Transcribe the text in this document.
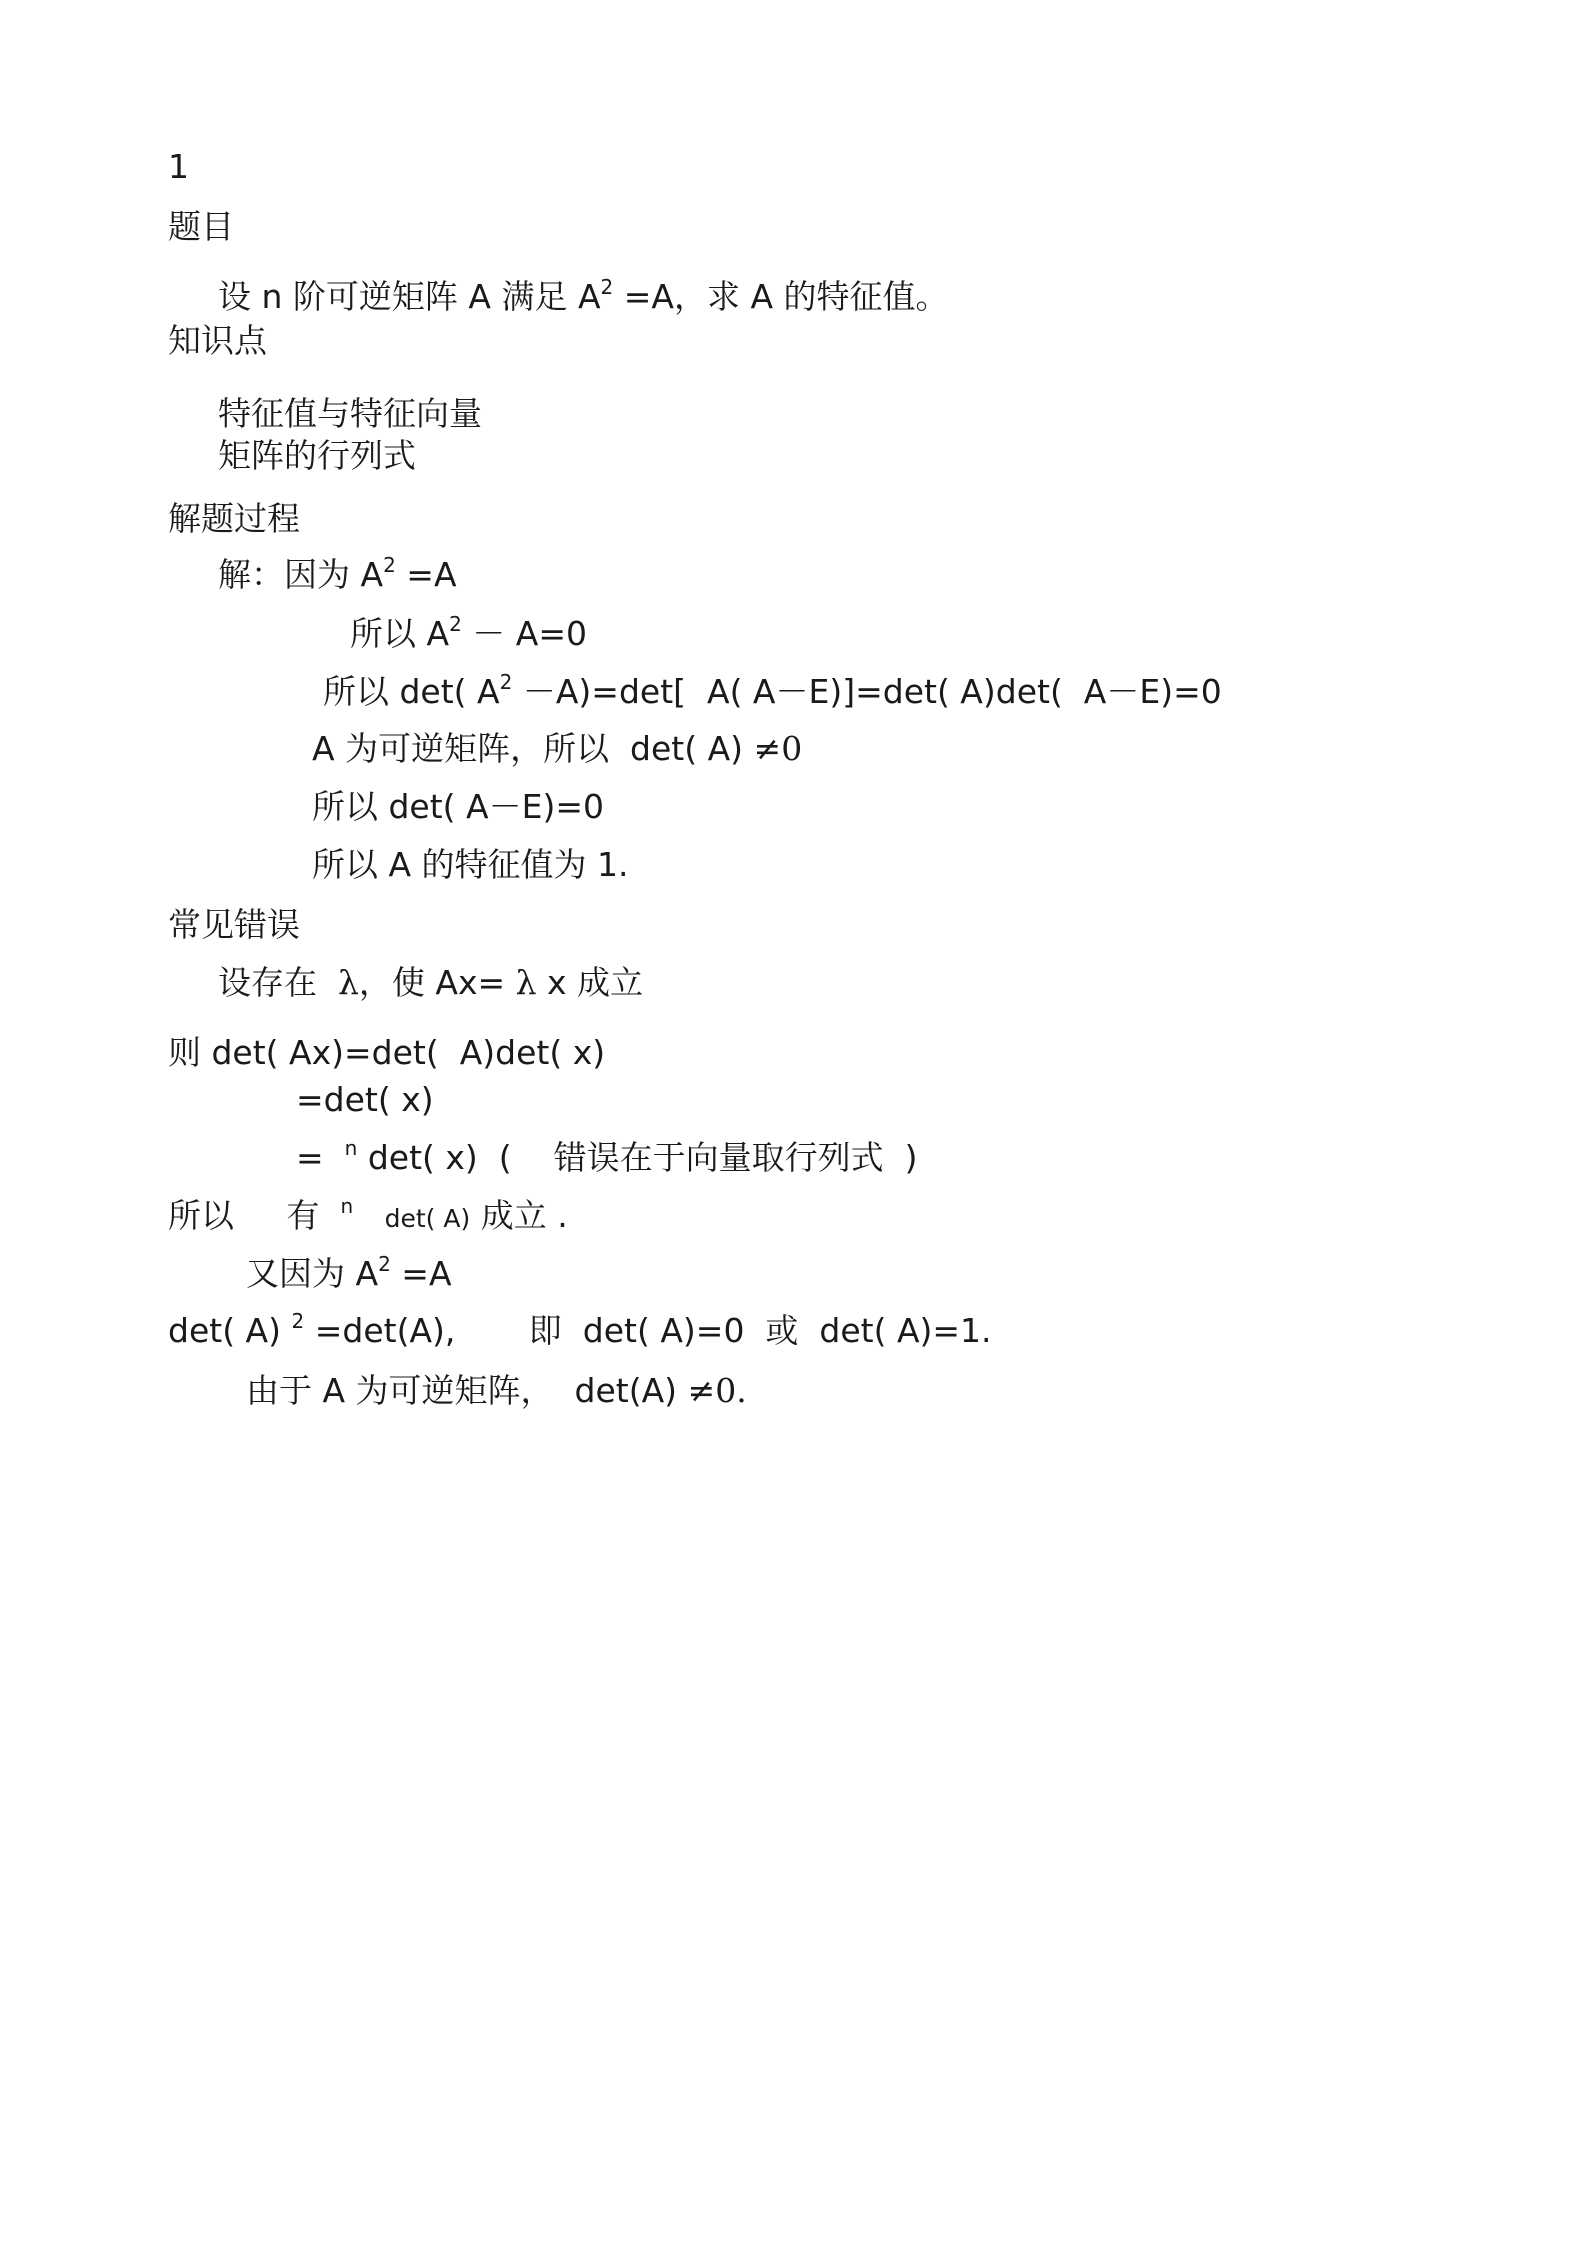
1
题目
设 n 阶可逆矩阵 A 满足 $A^2 =A$，求 A 的特征值。
知识点
特征值与特征向量
矩阵的行列式
解题过程
解：因为 $A^2 =A$
所以 $A^2 - A=0$
所以 det( $A^2 -A)=\det$[  A( A－E)]=det( A)det(  A－E)=0
A 为可逆矩阵，所以  det( A) ≠0
所以 det( A－E)=0
所以 A 的特征值为 1.
常见错误
设存在  λ，使 Ax= λ x 成立
则 det( Ax)=det(  A)det( x)
=det( x)
=  $^n$ det( x)  (    错误在于向量取行列式  )
所以     有  $^n$ det( A) 成立 .
又因为 $A^2 =A$
det( A) $^2$ =det(A),       即  det( A)=0  或  det( A)=1.
由于 A 为可逆矩阵，  det(A) ≠0.
